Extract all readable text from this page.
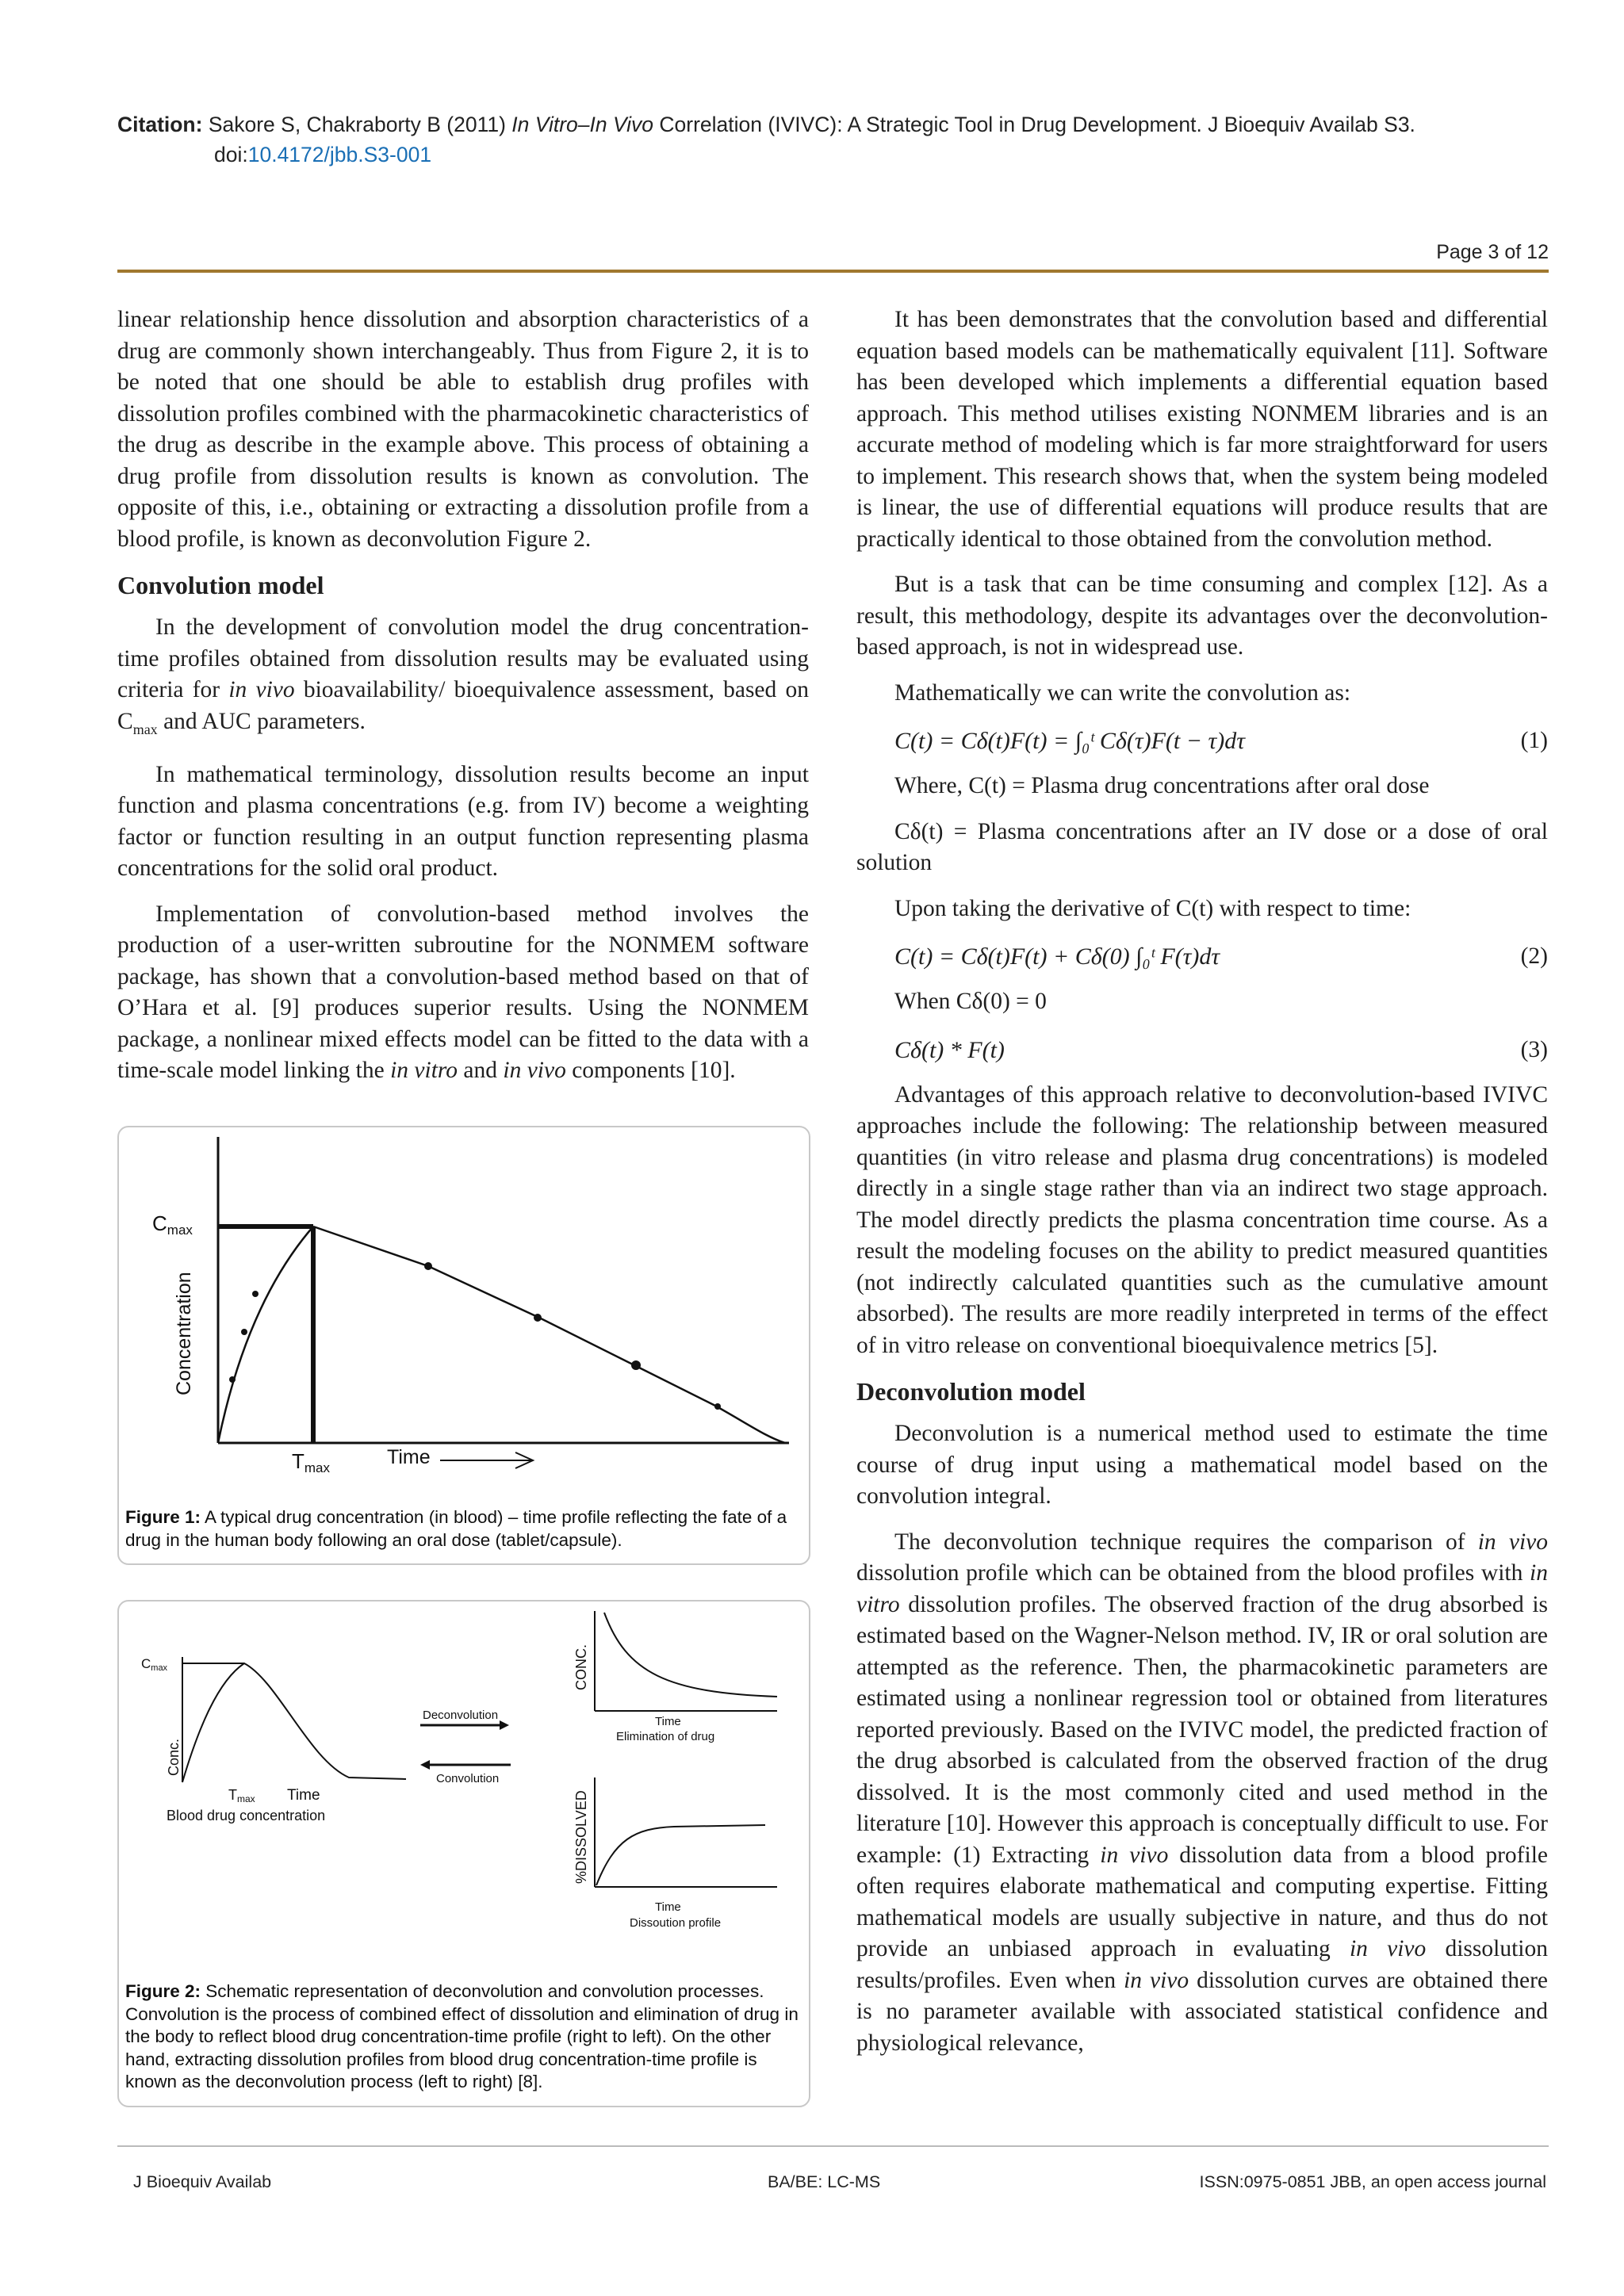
Citation: Sakore S, Chakraborty B (2011) In Vitro–In Vivo Correlation (IVIVC): A Strategic Tool in Drug Development. J Bioequiv Availab S3.
doi:10.4172/jbb.S3-001
Page 3 of 12

linear relationship hence dissolution and absorption characteristics of a drug are commonly shown interchangeably. Thus from Figure 2, it is to be noted that one should be able to establish drug profiles with dissolution profiles combined with the pharmacokinetic characteristics of the drug as describe in the example above. This process of obtaining a drug profile from dissolution results is known as convolution. The opposite of this, i.e., obtaining or extracting a dissolution profile from a blood profile, is known as deconvolution Figure 2.

Convolution model

In the development of convolution model the drug concentration-time profiles obtained from dissolution results may be evaluated using criteria for in vivo bioavailability/ bioequivalence assessment, based on $C_{max}$ and AUC parameters.

In mathematical terminology, dissolution results become an input function and plasma concentrations (e.g. from IV) become a weighting factor or function resulting in an output function representing plasma concentrations for the solid oral product.

Implementation of convolution-based method involves the production of a user-written subroutine for the NONMEM software package, has shown that a convolution-based method based on that of O’Hara et al. [9] produces superior results. Using the NONMEM package, a nonlinear mixed effects model can be fitted to the data with a time-scale model linking the in vitro and in vivo components [10].

Cmax
Tmax	Time
Concentration
Figure 1: A typical drug concentration (in blood) – time profile reflecting the fate of a drug in the human body following an oral dose (tablet/capsule).
Cmax
Conc.
Tmax Time
Blood drug concentration
Deconvolution
Convolution
CONC.
Time
Elimination of drug
%DISSOLVED
Time
Dissoution profile
Figure 2: Schematic representation of deconvolution and convolution processes. Convolution is the process of combined effect of dissolution and elimination of drug in the body to reflect blood drug concentration-time profile (right to left). On the other hand, extracting dissolution profiles from blood drug concentration-time profile is known as the deconvolution process (left to right) [8].

It has been demonstrates that the convolution based and differential equation based models can be mathematically equivalent [11]. Software has been developed which implements a differential equation based approach. This method utilises existing NONMEM libraries and is an accurate method of modeling which is far more straightforward for users to implement. This research shows that, when the system being modeled is linear, the use of differential equations will produce results that are practically identical to those obtained from the convolution method.

But is a task that can be time consuming and complex [12]. As a result, this methodology, despite its advantages over the deconvolution-based approach, is not in widespread use.

Mathematically we can write the convolution as:

C(t) = Cδ(t)F(t) = ∫₀ᵗ Cδ(τ)F(t − τ)dτ	(1)

Where, C(t) = Plasma drug concentrations after oral dose

Cδ(t) = Plasma concentrations after an IV dose or a dose of oral solution

Upon taking the derivative of C(t) with respect to time:

C(t) = Cδ(t)F(t) + Cδ(0) ∫₀ᵗ F(τ)dτ	(2)

When Cδ(0) = 0

Cδ(t) * F(t)	(3)

Advantages of this approach relative to deconvolution-based IVIVC approaches include the following: The relationship between measured quantities (in vitro release and plasma drug concentrations) is modeled directly in a single stage rather than via an indirect two stage approach. The model directly predicts the plasma concentration time course. As a result the modeling focuses on the ability to predict measured quantities (not indirectly calculated quantities such as the cumulative amount absorbed). The results are more readily interpreted in terms of the effect of in vitro release on conventional bioequivalence metrics [5].

Deconvolution model

Deconvolution is a numerical method used to estimate the time course of drug input using a mathematical model based on the convolution integral.

The deconvolution technique requires the comparison of in vivo dissolution profile which can be obtained from the blood profiles with in vitro dissolution profiles. The observed fraction of the drug absorbed is estimated based on the Wagner-Nelson method. IV, IR or oral solution are attempted as the reference. Then, the pharmacokinetic parameters are estimated using a nonlinear regression tool or obtained from literatures reported previously. Based on the IVIVC model, the predicted fraction of the drug absorbed is calculated from the observed fraction of the drug dissolved. It is the most commonly cited and used method in the literature [10]. However this approach is conceptually difficult to use. For example: (1) Extracting in vivo dissolution data from a blood profile often requires elaborate mathematical and computing expertise. Fitting mathematical models are usually subjective in nature, and thus do not provide an unbiased approach in evaluating in vivo dissolution results/profiles. Even when in vivo dissolution curves are obtained there is no parameter available with associated statistical confidence and physiological relevance,

J Bioequiv Availab	BA/BE: LC-MS	ISSN:0975-0851 JBB, an open access journal
